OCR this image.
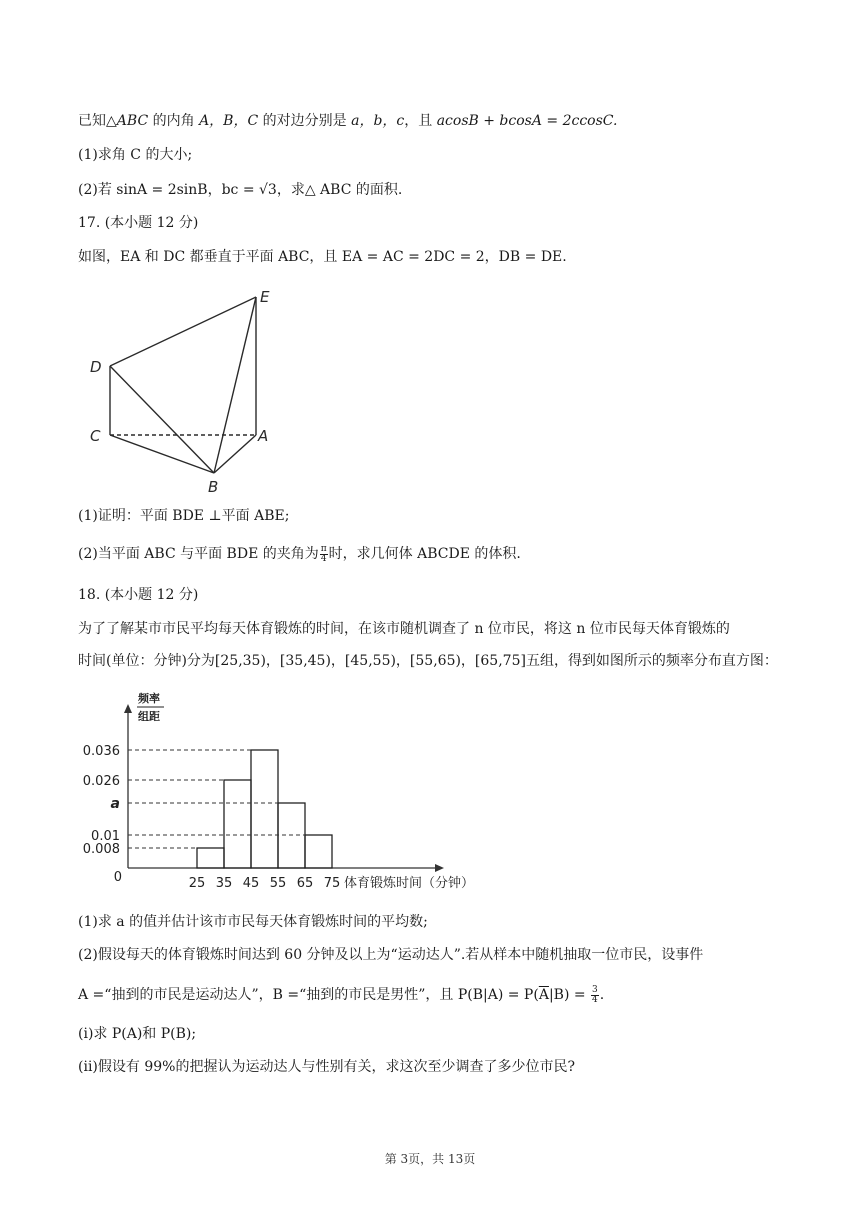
已知△ABC 的内角 A，B，C 的对边分别是 a，b，c，且 acosB + bcosA = 2ccosC.
(1)求角 C 的大小;
(2)若 sinA = 2sinB，bc = √3，求△ ABC 的面积.
17. (本小题 12 分)
如图，EA 和 DC 都垂直于平面 ABC，且 EA = AC = 2DC = 2，DB = DE.
D
E
C	A
B
(1)证明：平面 BDE ⊥平面 ABE;
(2)当平面 ABC 与平面 BDE 的夹角为 $\frac{\pi}{4}$ 时，求几何体 ABCDE 的体积.
18. (本小题 12 分)
为了了解某市市民平均每天体育锻炼的时间，在该市随机调查了 n 位市民，将这 n 位市民每天体育锻炼的
时间(单位：分钟)分为[25,35)，[35,45)，[45,55)，[55,65)，[65,75]五组，得到如图所示的频率分布直方图：
频率
组距
0.036
0.026
a
0.01
0.008
0	25 35 45 55 65 75 体育锻炼时间（分钟）
(1)求 a 的值并估计该市市民每天体育锻炼时间的平均数;
(2)假设每天的体育锻炼时间达到 60 分钟及以上为“运动达人”.若从样本中随机抽取一位市民，设事件
A =“抽到的市民是运动达人”，B =“抽到的市民是男性”，且 $P(B|A) = P(\overline{A}|B) = \frac{3}{4}$ .
(ⅰ)求 P(A)和 P(B);
(ⅱ)假设有 99%的把握认为运动达人与性别有关，求这次至少调查了多少位市民?
第 3页，共 13页
